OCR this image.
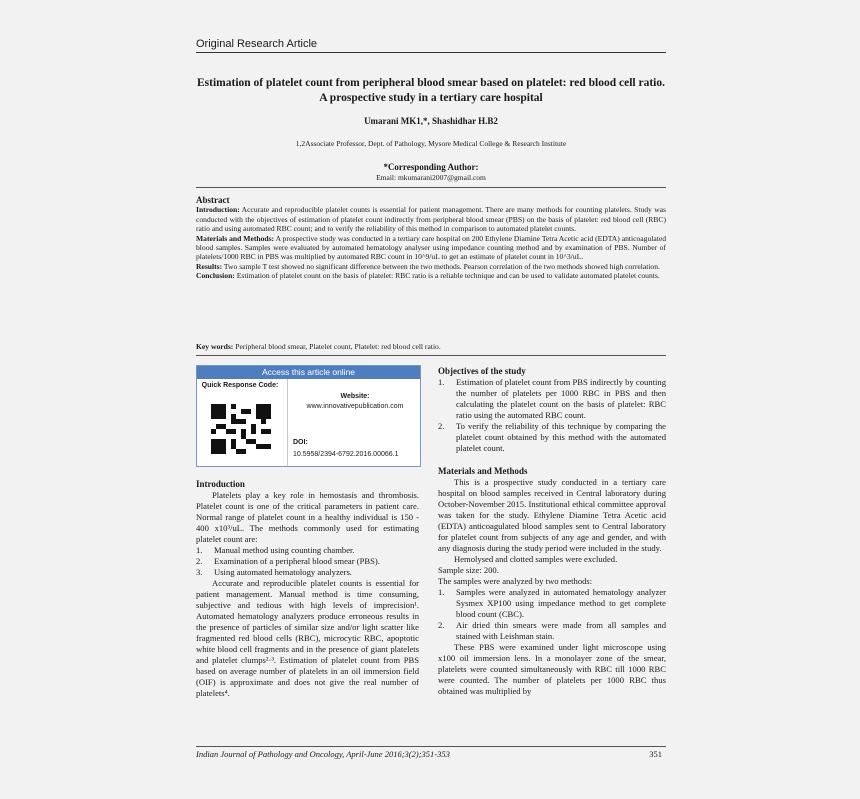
Original Research Article
Estimation of platelet count from peripheral blood smear based on platelet: red blood cell ratio. A prospective study in a tertiary care hospital
Umarani MK1,*, Shashidhar H.B2
1,2Associate Professor, Dept. of Pathology, Mysore Medical College & Research Institute
*Corresponding Author:
Email: mkumarani2007@gmail.com

Abstract

Introduction: Accurate and reproducible platelet counts is essential for patient management. There are many methods for counting platelets. Study was conducted with the objectives of estimation of platelet count indirectly from peripheral blood smear (PBS) on the basis of platelet: red blood cell (RBC) ratio and using automated RBC count; and to verify the reliability of this method in comparison to automated platelet counts.

Materials and Methods: A prospective study was conducted in a tertiary care hospital on 200 Ethylene Diamine Tetra Acetic acid (EDTA) anticoagulated blood samples. Samples were evaluated by automated hematology analyser using impedance counting method and by examination of PBS. Number of platelets/1000 RBC in PBS was multiplied by automated RBC count in 10^9/uL to get an estimate of platelet count in 10^3/uL.

Results: Two sample T test showed no significant difference between the two methods. Pearson correlation of the two methods showed high correlation.

Conclusion: Estimation of platelet count on the basis of platelet: RBC ratio is a reliable technique and can be used to validate automated platelet counts.

Key words: Peripheral blood smear, Platelet count, Platelet: red blood cell ratio.
Access this article online
Quick Response Code:
Website:
www.innovativepublication.com
DOI:
10.5958/2394-6792.2016.00066.1

Introduction

Platelets play a key role in hemostasis and thrombosis. Platelet count is one of the critical parameters in patient care. Normal range of platelet count in a healthy individual is 150 - 400 x10³/uL. The methods commonly used for estimating platelet count are:

1. Manual method using counting chamber.
2. Examination of a peripheral blood smear (PBS).
3. Using automated hematology analyzers.

Accurate and reproducible platelet counts is essential for patient management. Manual method is time consuming, subjective and tedious with high levels of imprecision¹. Automated hematology analyzers produce erroneous results in the presence of particles of similar size and/or light scatter like fragmented red blood cells (RBC), microcytic RBC, apoptotic white blood cell fragments and in the presence of giant platelets and platelet clumps²·³. Estimation of platelet count from PBS based on average number of platelets in an oil immersion field (OIF) is approximate and does not give the real number of platelets⁴.

Objectives of the study

1. Estimation of platelet count from PBS indirectly by counting the number of platelets per 1000 RBC in PBS and then calculating the platelet count on the basis of platelet: RBC ratio using the automated RBC count.
2. To verify the reliability of this technique by comparing the platelet count obtained by this method with the automated platelet count.

Materials and Methods

This is a prospective study conducted in a tertiary care hospital on blood samples received in Central laboratory during October-November 2015. Institutional ethical committee approval was taken for the study. Ethylene Diamine Tetra Acetic acid (EDTA) anticoagulated blood samples sent to Central laboratory for platelet count from subjects of any age and gender, and with any diagnosis during the study period were included in the study.

Hemolysed and clotted samples were excluded.

Sample size: 200.

The samples were analyzed by two methods:

1. Samples were analyzed in automated hematology analyzer Sysmex XP100 using impedance method to get complete blood count (CBC).
2. Air dried thin smears were made from all samples and stained with Leishman stain.

These PBS were examined under light microscope using x100 oil immersion lens. In a monolayer zone of the smear, platelets were counted simultaneously with RBC till 1000 RBC were counted. The number of platelets per 1000 RBC thus obtained was multiplied by

Indian Journal of Pathology and Oncology, April-June 2016;3(2);351-353	351
